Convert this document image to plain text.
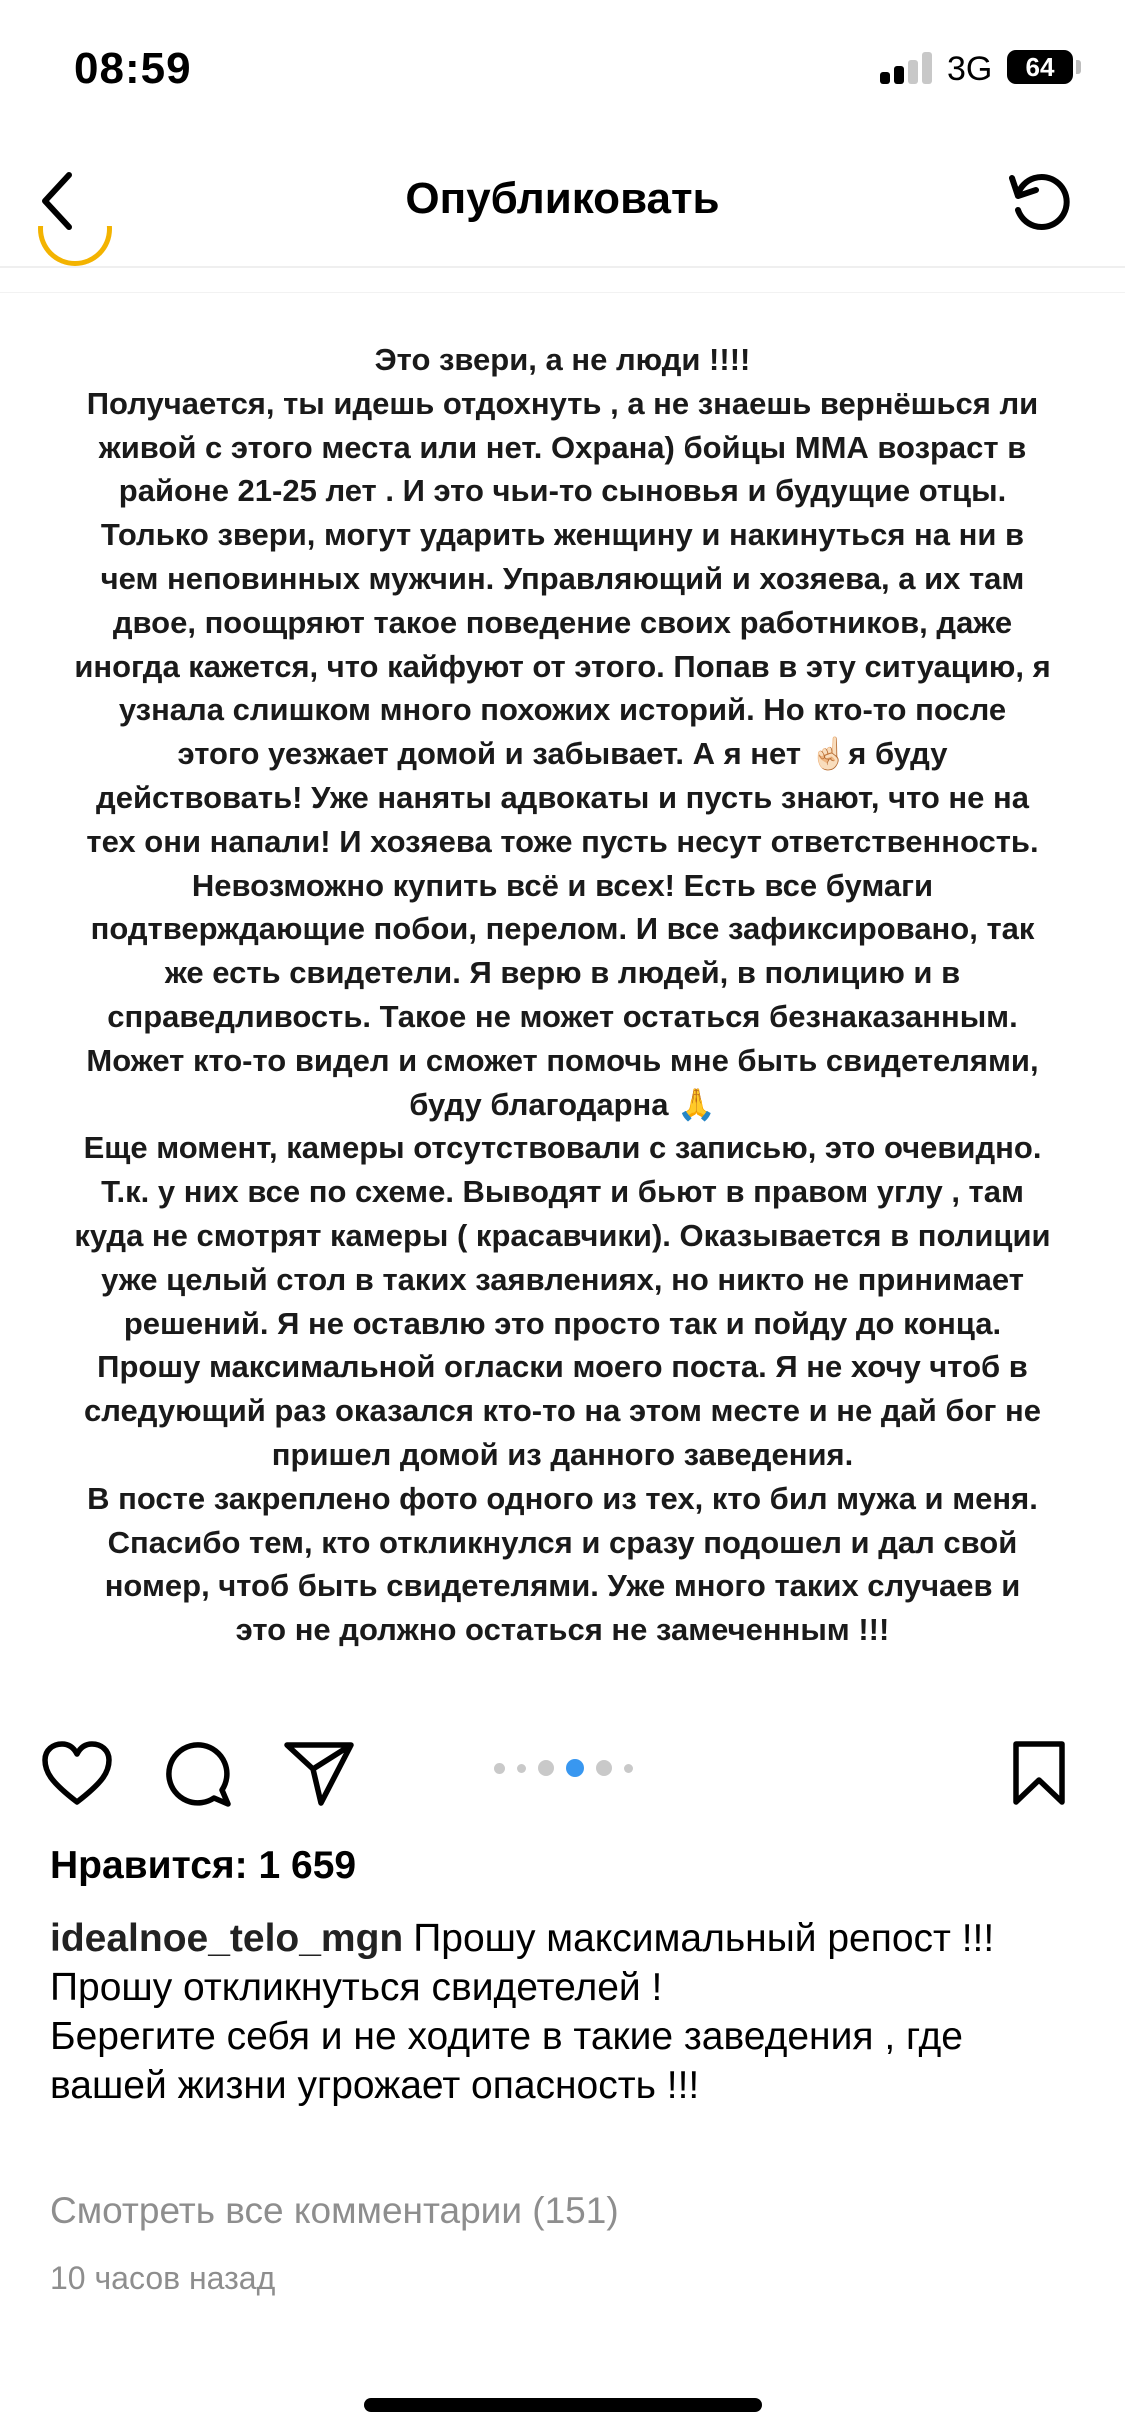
08:59	3G	64
Опубликовать
Это звери, а не люди !!!!
Получается, ты идешь отдохнуть , а не знаешь вернёшься ли
живой с этого места или нет. Охрана) бойцы ММА возраст в
районе 21-25 лет . И это чьи-то сыновья и будущие отцы.
Только звери, могут ударить женщину и накинуться на ни в
чем неповинных мужчин. Управляющий и хозяева, а их там
двое, поощряют такое поведение своих работников, даже
иногда кажется, что кайфуют от этого. Попав в эту ситуацию, я
узнала слишком много похожих историй. Но кто-то после
этого уезжает домой и забывает. А я нет ☝🏻я буду
действовать! Уже наняты адвокаты и пусть знают, что не на
тех они напали! И хозяева тоже пусть несут ответственность.
Невозможно купить всё и всех! Есть все бумаги
подтверждающие побои, перелом. И все зафиксировано, так
же есть свидетели. Я верю в людей, в полицию и в
справедливость. Такое не может остаться безнаказанным.
Может кто-то видел и сможет помочь мне быть свидетелями,
буду благодарна 🙏
Еще момент, камеры отсутствовали с записью, это очевидно.
Т.к. у них все по схеме. Выводят и бьют в правом углу , там
куда не смотрят камеры ( красавчики). Оказывается в полиции
уже целый стол в таких заявлениях, но никто не принимает
решений. Я не оставлю это просто так и пойду до конца.
Прошу максимальной огласки моего поста. Я не хочу чтоб в
следующий раз оказался кто-то на этом месте и не дай бог не
пришел домой из данного заведения.
В посте закреплено фото одного из тех, кто бил мужа и меня.
Спасибо тем, кто откликнулся и сразу подошел и дал свой
номер, чтоб быть свидетелями. Уже много таких случаев и
это не должно остаться не замеченным !!!
Нравится: 1 659
idealnoe_telo_mgn Прошу максимальный репост !!!
Прошу откликнуться свидетелей !
Берегите себя и не ходите в такие заведения , где вашей жизни угрожает опасность !!!
Смотреть все комментарии (151)
10 часов назад
